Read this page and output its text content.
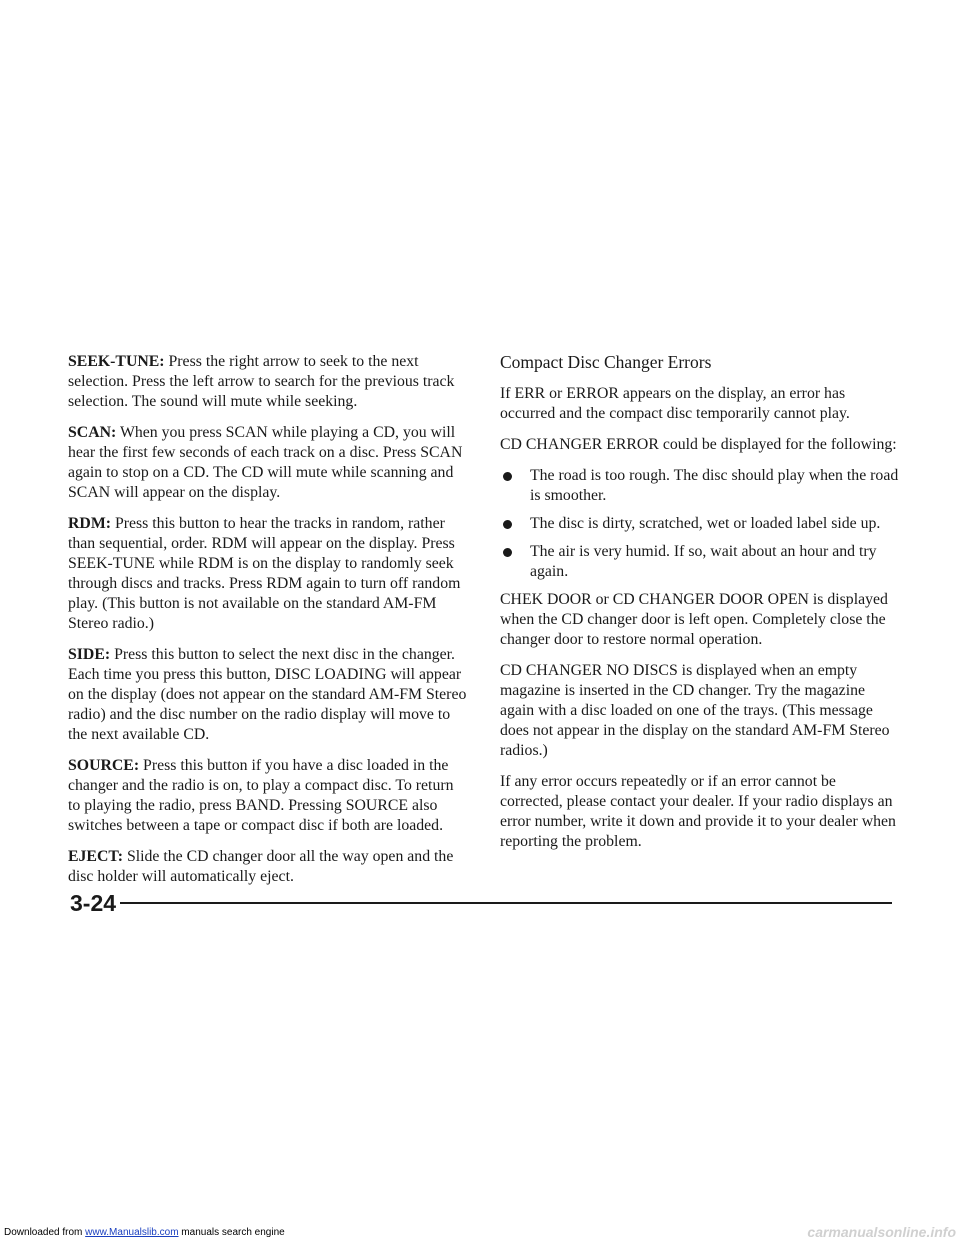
SEEK-TUNE: Press the right arrow to seek to the next selection. Press the left arrow to search for the previous track selection. The sound will mute while seeking.

SCAN: When you press SCAN while playing a CD, you will hear the first few seconds of each track on a disc. Press SCAN again to stop on a CD. The CD will mute while scanning and SCAN will appear on the display.

RDM: Press this button to hear the tracks in random, rather than sequential, order. RDM will appear on the display. Press SEEK-TUNE while RDM is on the display to randomly seek through discs and tracks. Press RDM again to turn off random play. (This button is not available on the standard AM-FM Stereo radio.)

SIDE: Press this button to select the next disc in the changer. Each time you press this button, DISC LOADING will appear on the display (does not appear on the standard AM-FM Stereo radio) and the disc number on the radio display will move to the next available CD.

SOURCE: Press this button if you have a disc loaded in the changer and the radio is on, to play a compact disc. To return to playing the radio, press BAND. Pressing SOURCE also switches between a tape or compact disc if both are loaded.

EJECT: Slide the CD changer door all the way open and the disc holder will automatically eject.

Compact Disc Changer Errors

If ERR or ERROR appears on the display, an error has occurred and the compact disc temporarily cannot play.

CD CHANGER ERROR could be displayed for the following:

The road is too rough. The disc should play when the road is smoother.
The disc is dirty, scratched, wet or loaded label side up.
The air is very humid. If so, wait about an hour and try again.

CHEK DOOR or CD CHANGER DOOR OPEN is displayed when the CD changer door is left open. Completely close the changer door to restore normal operation.

CD CHANGER NO DISCS is displayed when an empty magazine is inserted in the CD changer. Try the magazine again with a disc loaded on one of the trays. (This message does not appear in the display on the standard AM-FM Stereo radios.)

If any error occurs repeatedly or if an error cannot be corrected, please contact your dealer. If your radio displays an error number, write it down and provide it to your dealer when reporting the problem.

3-24
Downloaded from www.Manualslib.com manuals search engine	carmanualsonline.info
